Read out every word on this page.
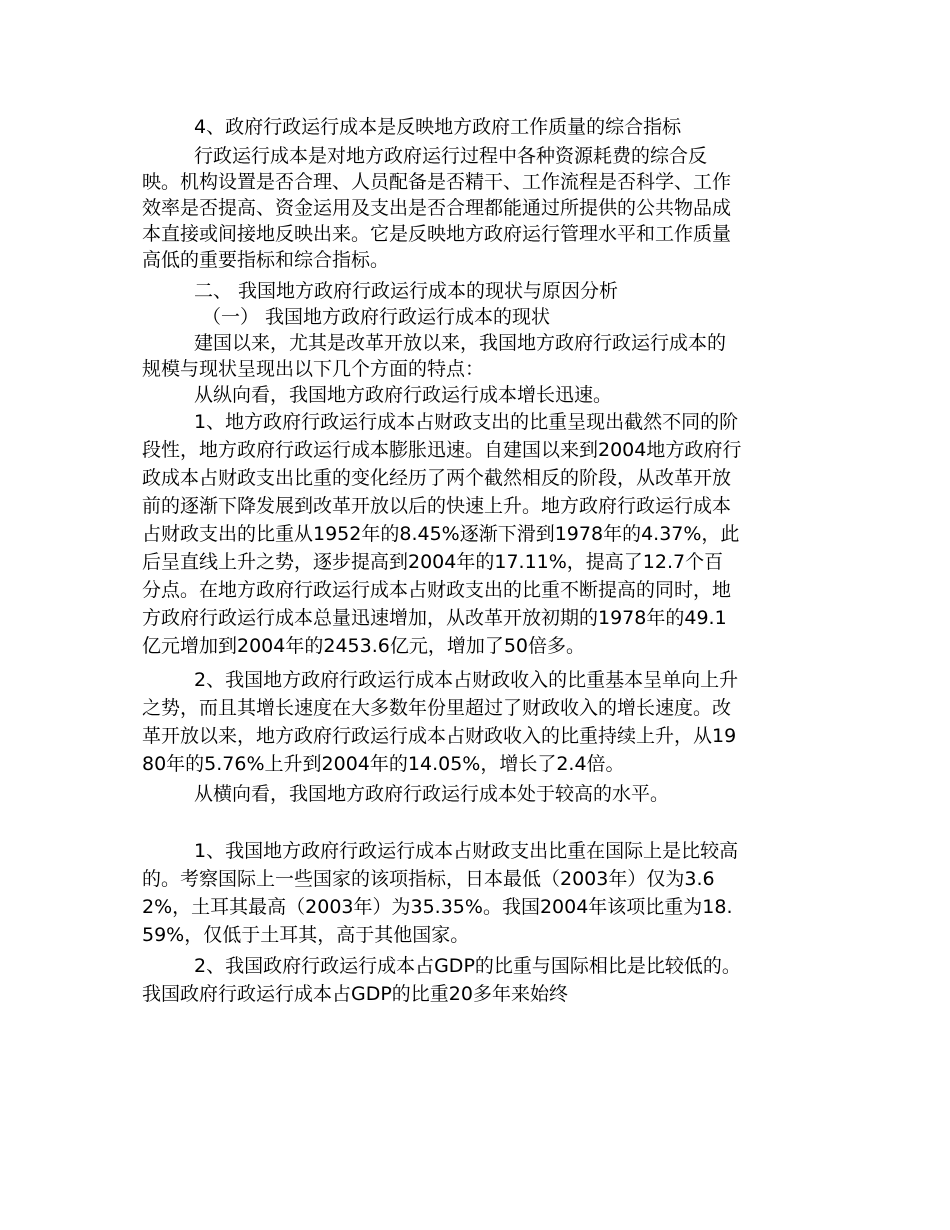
4、政府行政运行成本是反映地方政府工作质量的综合指标

行政运行成本是对地方政府运行过程中各种资源耗费的综合反映。机构设置是否合理、人员配备是否精干、工作流程是否科学、工作效率是否提高、资金运用及支出是否合理都能通过所提供的公共物品成本直接或间接地反映出来。它是反映地方政府运行管理水平和工作质量高低的重要指标和综合指标。

二、 我国地方政府行政运行成本的现状与原因分析

（一） 我国地方政府行政运行成本的现状

建国以来，尤其是改革开放以来，我国地方政府行政运行成本的规模与现状呈现出以下几个方面的特点：

从纵向看，我国地方政府行政运行成本增长迅速。

1、地方政府行政运行成本占财政支出的比重呈现出截然不同的阶段性，地方政府行政运行成本膨胀迅速。自建国以来到2004地方政府行政成本占财政支出比重的变化经历了两个截然相反的阶段，从改革开放前的逐渐下降发展到改革开放以后的快速上升。地方政府行政运行成本占财政支出的比重从1952年的8.45%逐渐下滑到1978年的4.37%，此后呈直线上升之势，逐步提高到2004年的17.11%，提高了12.7个百分点。在地方政府行政运行成本占财政支出的比重不断提高的同时，地方政府行政运行成本总量迅速增加，从改革开放初期的1978年的49.1亿元增加到2004年的2453.6亿元，增加了50倍多。

2、我国地方政府行政运行成本占财政收入的比重基本呈单向上升之势，而且其增长速度在大多数年份里超过了财政收入的增长速度。改革开放以来，地方政府行政运行成本占财政收入的比重持续上升，从1980年的5.76%上升到2004年的14.05%，增长了2.4倍。

从横向看，我国地方政府行政运行成本处于较高的水平。

1、我国地方政府行政运行成本占财政支出比重在国际上是比较高的。考察国际上一些国家的该项指标，日本最低（2003年）仅为3.62%，土耳其最高（2003年）为35.35%。我国2004年该项比重为18.59%，仅低于土耳其，高于其他国家。

2、我国政府行政运行成本占GDP的比重与国际相比是比较低的。我国政府行政运行成本占GDP的比重20多年来始终
